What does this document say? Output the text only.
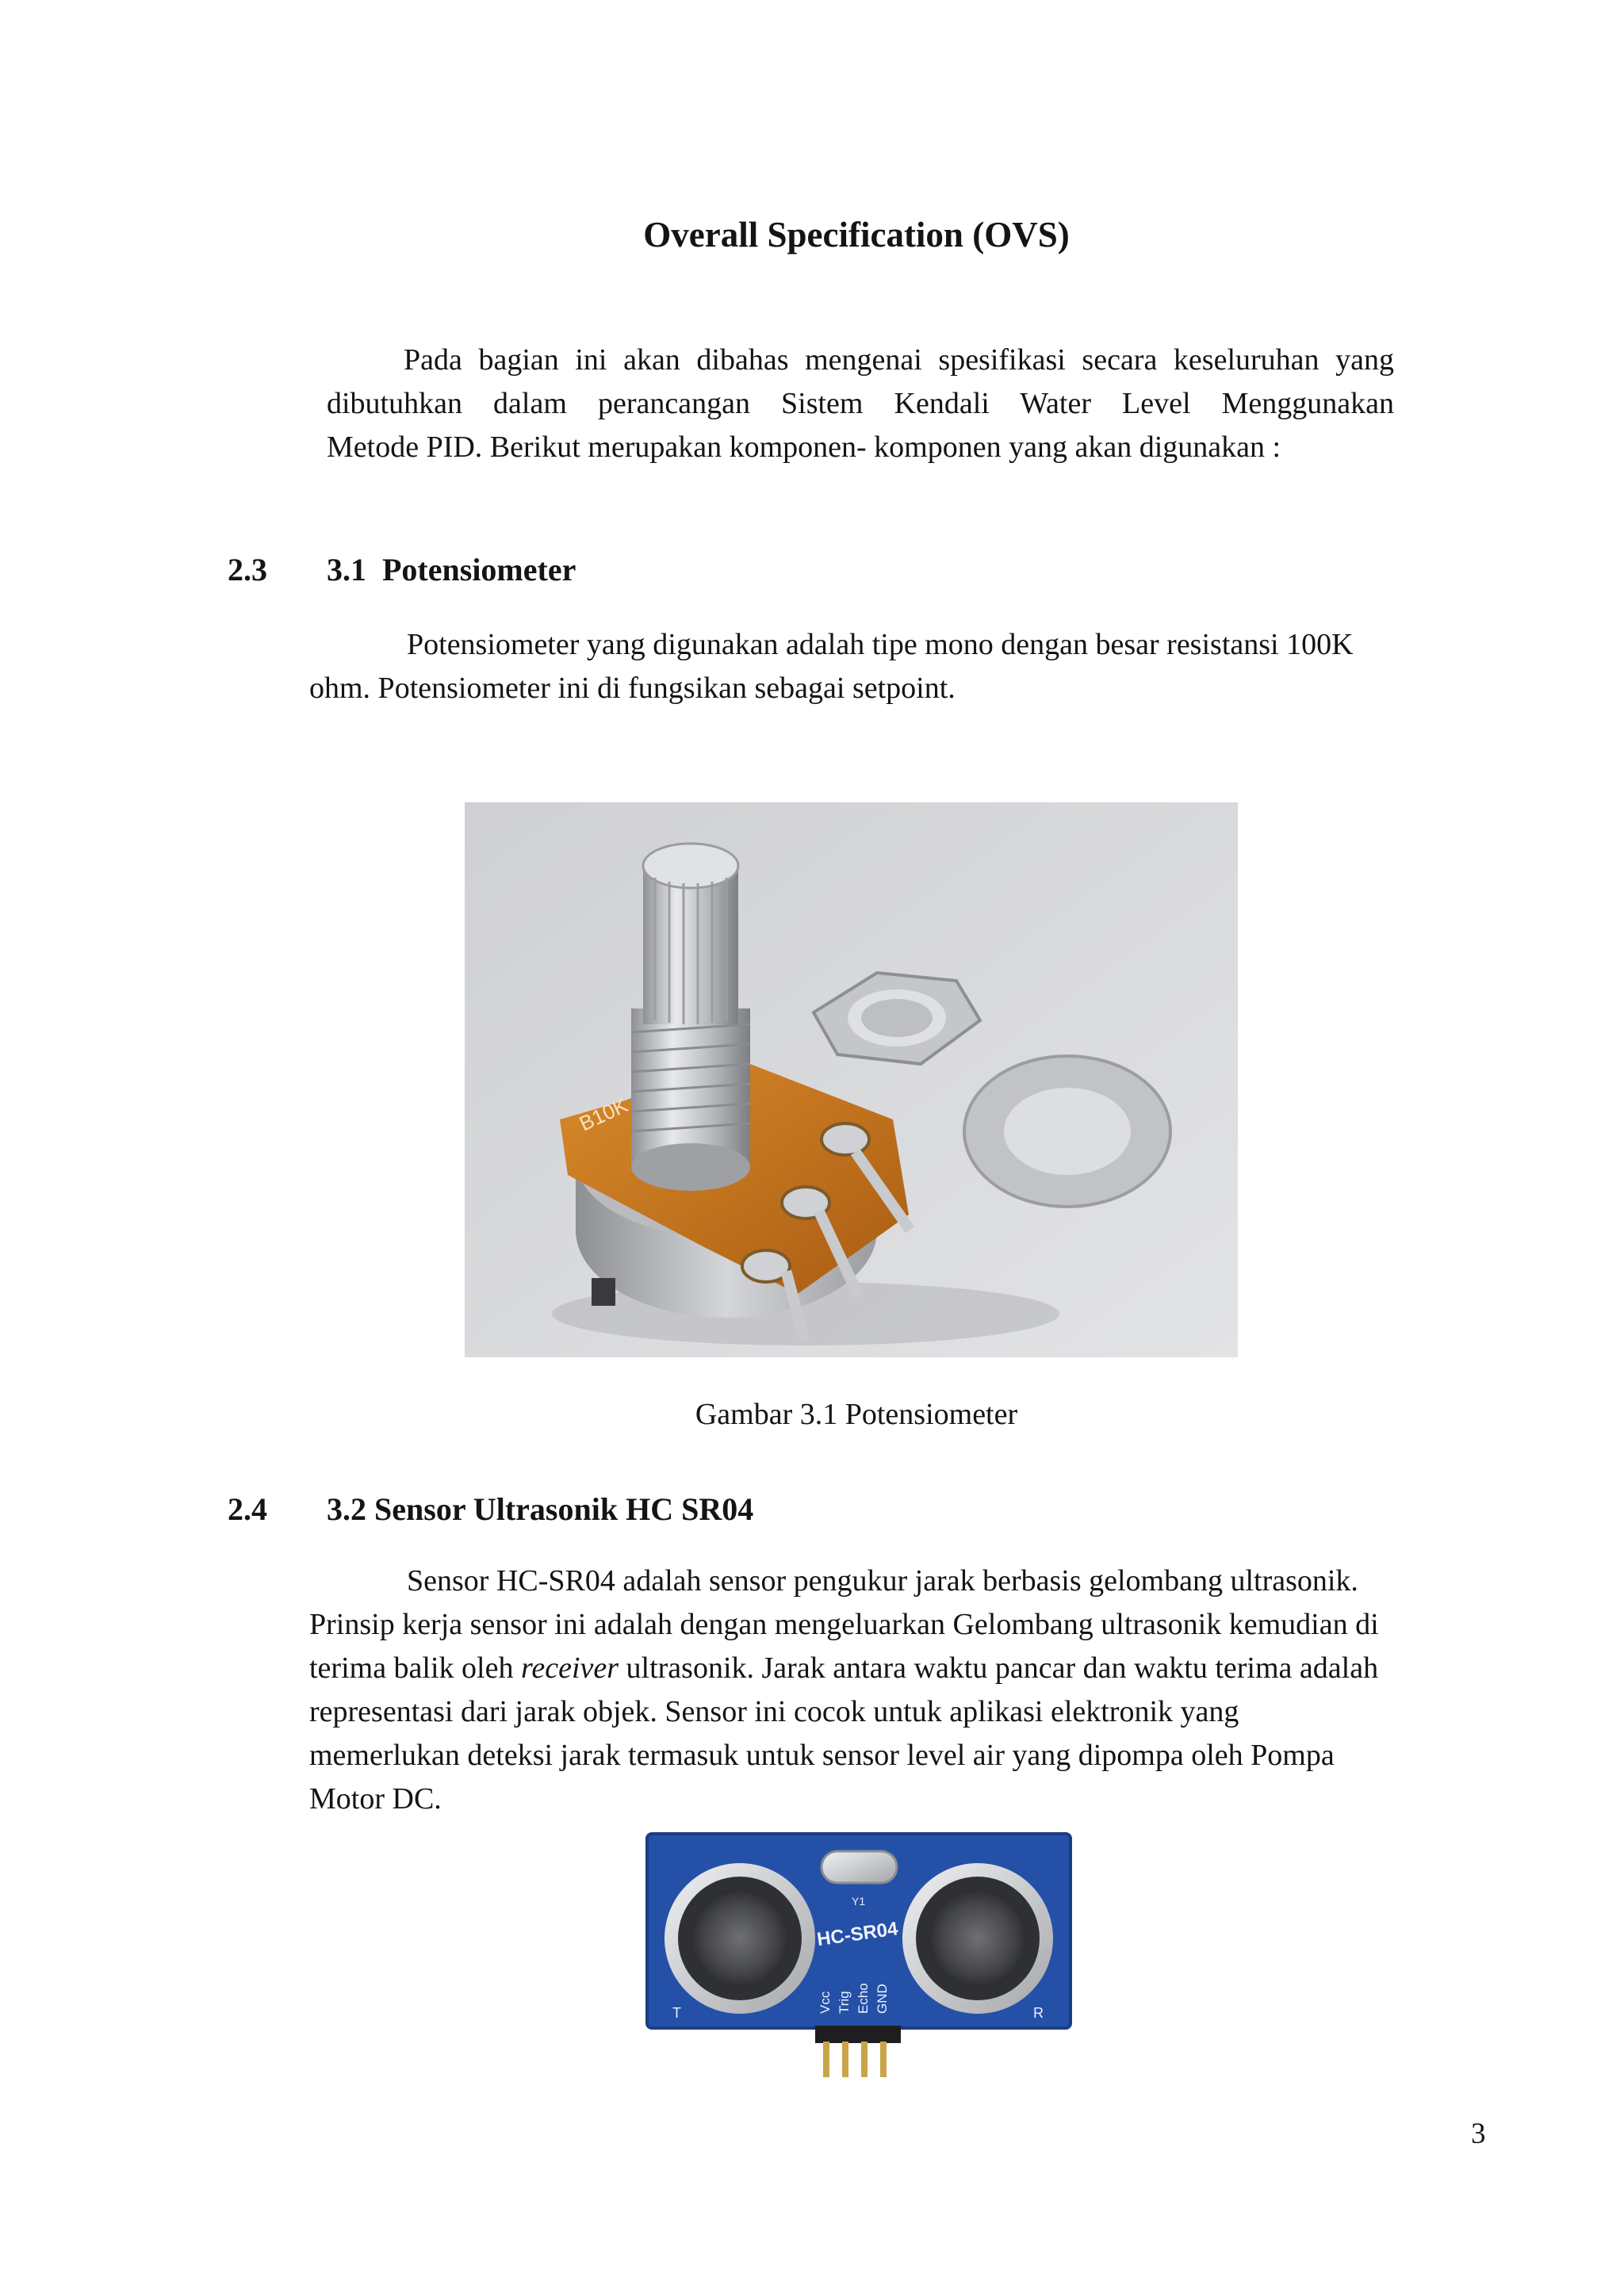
Overall Specification (OVS)

Pada bagian ini akan dibahas mengenai spesifikasi secara keseluruhan yang

dibutuhkan dalam perancangan Sistem Kendali Water Level Menggunakan

Metode PID. Berikut merupakan komponen- komponen yang akan digunakan :

2.3 3.1  Potensiometer

Potensiometer yang digunakan adalah tipe mono dengan besar resistansi 100K

ohm. Potensiometer ini di fungsikan sebagai setpoint.

B10K
Gambar 3.1 Potensiometer
2.4 3.2 Sensor Ultrasonik HC SR04

Sensor HC-SR04 adalah sensor pengukur jarak berbasis gelombang ultrasonik.

Prinsip kerja sensor ini adalah dengan mengeluarkan Gelombang ultrasonik kemudian di

terima balik oleh receiver ultrasonik. Jarak antara waktu pancar dan waktu terima adalah

representasi dari jarak objek. Sensor ini cocok untuk aplikasi elektronik yang

memerlukan deteksi jarak termasuk untuk sensor level air yang dipompa oleh Pompa

Motor DC.

Y1
HC-SR04
Vcc Trig Echo GND
T	R
3
